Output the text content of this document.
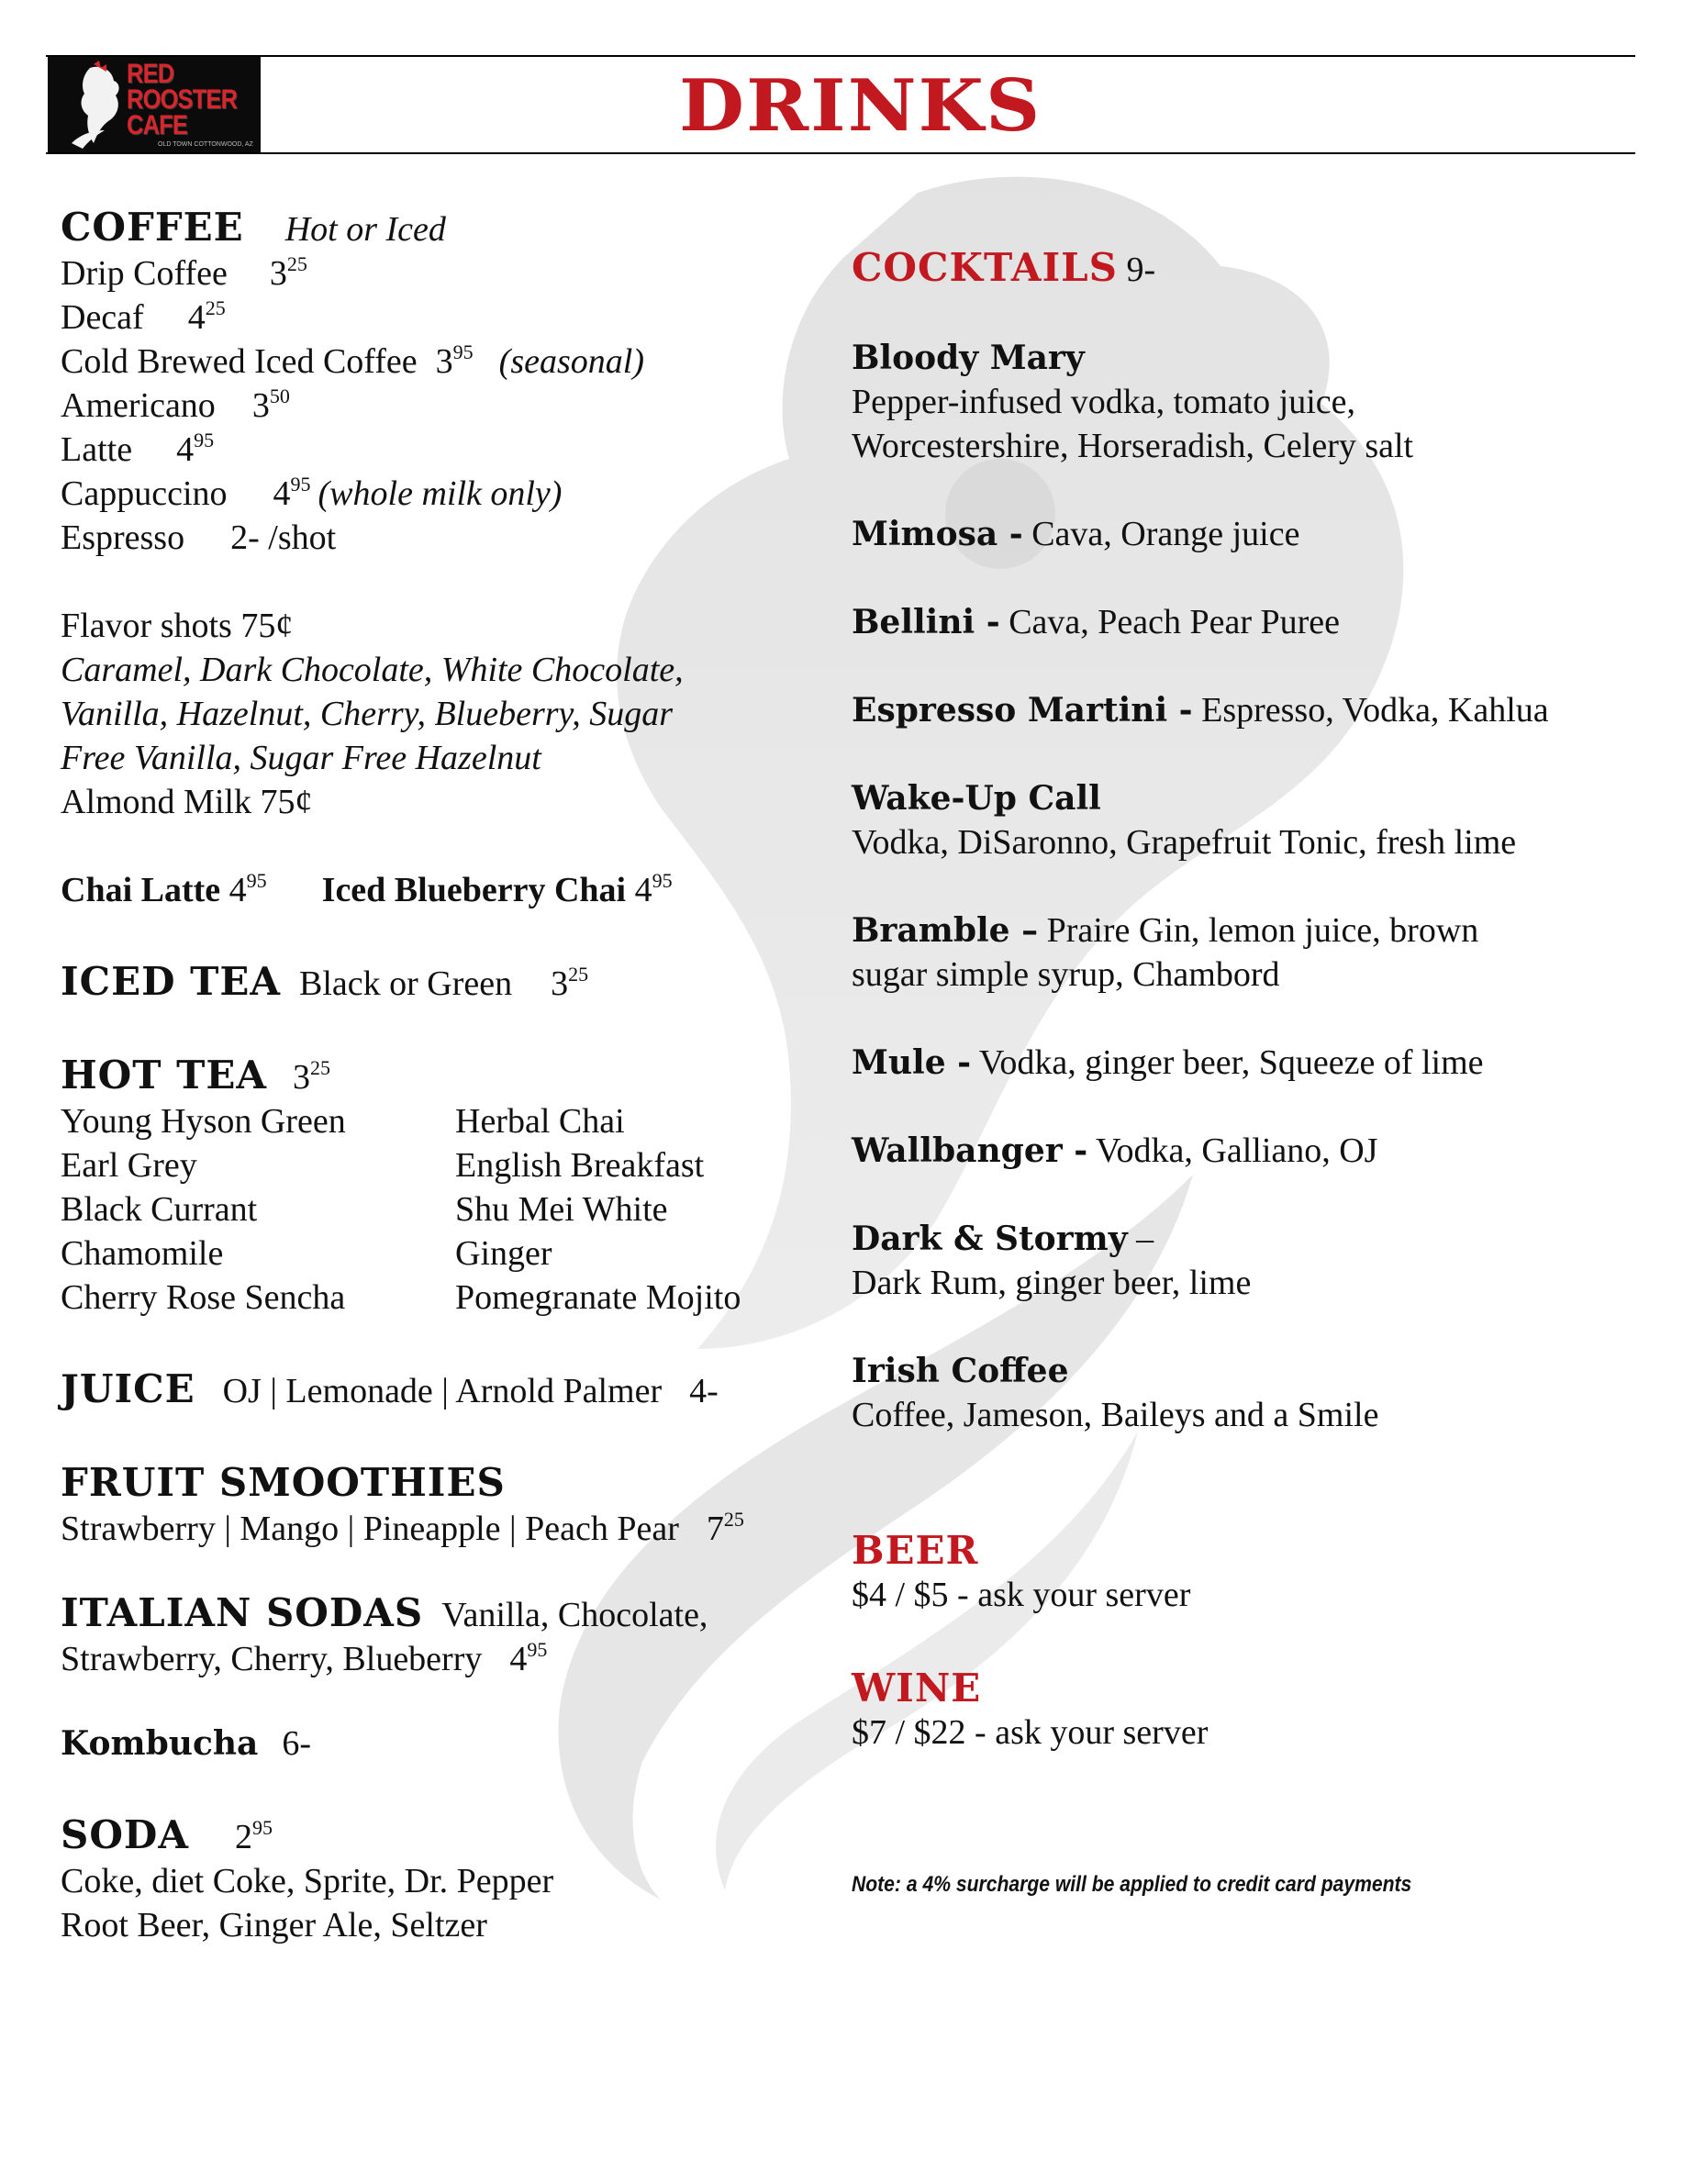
RED
ROOSTER
CAFE
OLD TOWN COTTONWOOD, AZ	DRINKS
COFFEE Hot or Iced
Drip Coffee $3^{25}$
Decaf $4^{25}$
Cold Brewed Iced Coffee $3^{95}$ (seasonal)
Americano $3^{50}$
Latte $4^{95}$
Cappuccino $4^{95}$ (whole milk only)
Espresso 2- /shot
Flavor shots 75¢
Caramel, Dark Chocolate, White Chocolate,
Vanilla, Hazelnut, Cherry, Blueberry, Sugar
Free Vanilla, Sugar Free Hazelnut
Almond Milk 75¢
Chai Latte $4^{95}$ Iced Blueberry Chai $4^{95}$
ICED TEA Black or Green $3^{25}$
HOT TEA $3^{25}$
Young Hyson Green	Herbal Chai
Earl Grey	English Breakfast
Black Currant	Shu Mei White
Chamomile	Ginger
Cherry Rose Sencha	Pomegranate Mojito
JUICE OJ | Lemonade | Arnold Palmer 4-
FRUIT SMOOTHIES
Strawberry | Mango | Pineapple | Peach Pear $7^{25}$
ITALIAN SODAS Vanilla, Chocolate,
Strawberry, Cherry, Blueberry $4^{95}$
Kombucha 6-
SODA $2^{95}$
Coke, diet Coke, Sprite, Dr. Pepper
Root Beer, Ginger Ale, Seltzer
COCKTAILS 9-
Bloody Mary
Pepper-infused vodka, tomato juice,
Worcestershire, Horseradish, Celery salt
Mimosa - Cava, Orange juice
Bellini - Cava, Peach Pear Puree
Espresso Martini - Espresso, Vodka, Kahlua
Wake-Up Call
Vodka, DiSaronno, Grapefruit Tonic, fresh lime
Bramble – Praire Gin, lemon juice, brown
sugar simple syrup, Chambord
Mule - Vodka, ginger beer, Squeeze of lime
Wallbanger - Vodka, Galliano, OJ
Dark & Stormy –
Dark Rum, ginger beer, lime
Irish Coffee
Coffee, Jameson, Baileys and a Smile
BEER
$4 / $5 - ask your server
WINE
$7 / $22 - ask your server
Note: a 4% surcharge will be applied to credit card payments
